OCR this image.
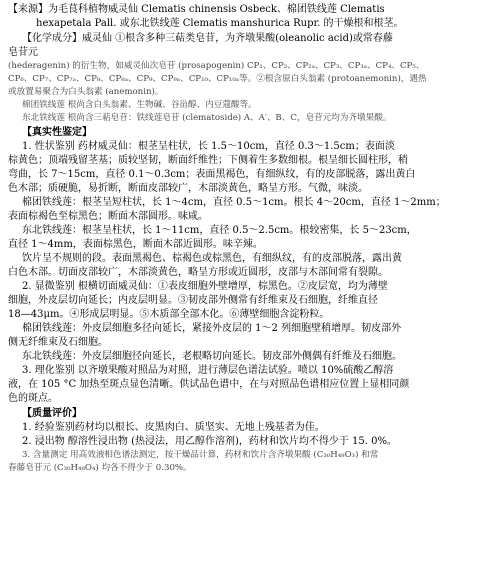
【来源】为毛茛科植物威灵仙 Clematis chinensis Osbeck、棉团铁线莲 Clematis

hexapetala Pall. 或东北铁线莲 Clematis manshurica Rupr. 的干燥根和根茎。

【化学成分】威灵仙 ①根含多种三萜类皂苷，为齐墩果酸(oleanolic acid)或常春藤

皂苷元

(hederagenin) 的衍生物，如威灵仙次皂苷 (prosapogenin) CP₁、CP₂、CP₂ₐ、CP₃、CP₃ₐ、CP₄、CP₅、

CP₆、CP₇、CP₇ₐ、CP₈、CP₈ₐ、CP₉、CP₉ₐ、CP₁₀、CP₁₀ₐ等。②根含原白头翁素 (protoanemonin)，遇热

或放置易聚合为白头翁素 (anemonin)。

棉团铁线莲 根尚含白头翁素、生物碱、谷甾醇、内豆蔻酸等。

东北铁线莲 根尚含三萜皂苷：铁线莲皂苷 (clematoside) A、A′、B、C，皂苷元均为齐墩果酸。

【真实性鉴定】

1. 性状鉴别 药材威灵仙：根茎呈柱状，长 1.5～10cm，直径 0.3～1.5cm；表面淡

棕黄色；顶端残留茎基；质较坚韧，断面纤维性；下侧着生多数细根。根呈细长圆柱形，稍

弯曲，长 7～15cm，直径 0.1～0.3cm；表面黑褐色，有细纵纹，有的皮部脱落，露出黄白

色木部；质硬脆，易折断，断面皮部较广，木部淡黄色，略呈方形。气微，味淡。

棉团铁线莲：根茎呈短柱状，长 1～4cm，直径 0.5～1cm。根长 4～20cm，直径 1～2mm；

表面棕褐色至棕黑色；断面木部圆形。味咸。

东北铁线莲：根茎呈柱状，长 1～11cm，直径 0.5～2.5cm。根较密集，长 5～23cm，

直径 1～4mm，表面棕黑色，断面木部近圆形。味辛辣。

饮片呈不规则的段。表面黑褐色、棕褐色或棕黑色，有细纵纹，有的皮部脱落，露出黄

白色木部。切面皮部较广，木部淡黄色，略呈方形或近圆形，皮部与木部间常有裂隙。

2. 显微鉴别 根横切面威灵仙：①表皮细胞外壁增厚，棕黑色。②皮层宽，均为薄壁

细胞，外皮层切向延长；内皮层明显。③韧皮部外侧常有纤维束及石细胞，纤维直径

18—43μm。④形成层明显。⑤木质部全部木化。⑥薄壁细胞含淀粉粒。

棉团铁线莲：外皮层细胞多径向延长，紧接外皮层的 1～2 列细胞壁稍增厚。韧皮部外

侧无纤维束及石细胞。

东北铁线莲：外皮层细胞径向延长，老根略切向延长。韧皮部外侧偶有纤维及石细胞。

3. 理化鉴别 以齐墩果酸对照品为对照，进行薄层色谱法试验。喷以 10%硫酸乙醇溶

液，在 105 °C 加热至斑点显色清晰。供试品色谱中，在与对照品色谱相应位置上显相同颜

色的斑点。

【质量评价】

1. 经验鉴别药材均以根长、皮黑肉白、质坚实、无地上残基者为佳。

2. 浸出物 醇溶性浸出物 (热浸法，用乙醇作溶剂)，药材和饮片均不得少于 15. 0%。

3. 含量测定 用高效液相色谱法测定，按干燥品计算，药材和饮片含齐墩果酸 (C₃₀H₄₈O₃) 和常

春藤皂苷元 (C₃₀H₄₈O₄) 均各不得少于 0.30%。
